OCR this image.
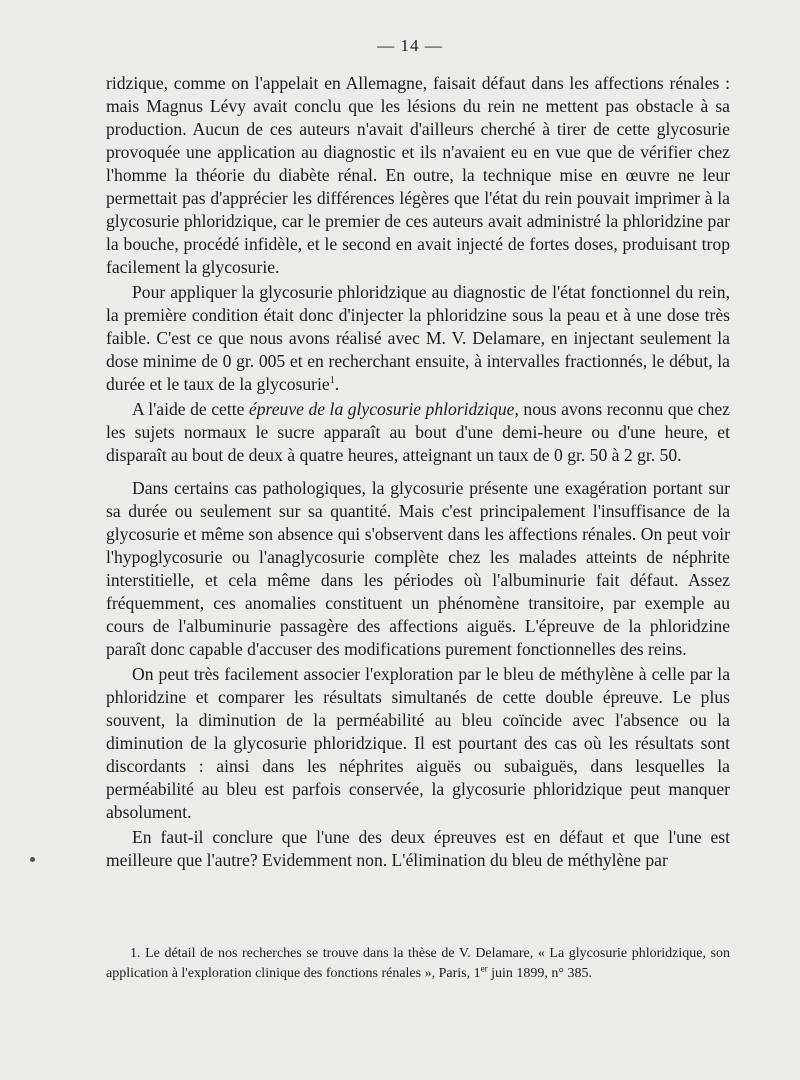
— 14 —

ridzique, comme on l'appelait en Allemagne, faisait défaut dans les affections rénales : mais Magnus Lévy avait conclu que les lésions du rein ne mettent pas obstacle à sa production. Aucun de ces auteurs n'avait d'ailleurs cherché à tirer de cette glycosurie provoquée une application au diagnostic et ils n'avaient eu en vue que de vérifier chez l'homme la théorie du diabète rénal. En outre, la technique mise en œuvre ne leur permettait pas d'apprécier les différences légères que l'état du rein pouvait imprimer à la glycosurie phloridzique, car le premier de ces auteurs avait administré la phloridzine par la bouche, procédé infidèle, et le second en avait injecté de fortes doses, produisant trop facilement la glycosurie.

Pour appliquer la glycosurie phloridzique au diagnostic de l'état fonctionnel du rein, la première condition était donc d'injecter la phloridzine sous la peau et à une dose très faible. C'est ce que nous avons réalisé avec M. V. Delamare, en injectant seulement la dose minime de 0 gr. 005 et en recherchant ensuite, à intervalles fractionnés, le début, la durée et le taux de la glycosurie$^1$.

A l'aide de cette épreuve de la glycosurie phloridzique, nous avons reconnu que chez les sujets normaux le sucre apparaît au bout d'une demi-heure ou d'une heure, et disparaît au bout de deux à quatre heures, atteignant un taux de 0 gr. 50 à 2 gr. 50.

Dans certains cas pathologiques, la glycosurie présente une exagération portant sur sa durée ou seulement sur sa quantité. Mais c'est principalement l'insuffisance de la glycosurie et même son absence qui s'observent dans les affections rénales. On peut voir l'hypoglycosurie ou l'anaglycosurie complète chez les malades atteints de néphrite interstitielle, et cela même dans les périodes où l'albuminurie fait défaut. Assez fréquemment, ces anomalies constituent un phénomène transitoire, par exemple au cours de l'albuminurie passagère des affections aiguës. L'épreuve de la phloridzine paraît donc capable d'accuser des modifications purement fonctionnelles des reins.

On peut très facilement associer l'exploration par le bleu de méthylène à celle par la phloridzine et comparer les résultats simultanés de cette double épreuve. Le plus souvent, la diminution de la perméabilité au bleu coïncide avec l'absence ou la diminution de la glycosurie phloridzique. Il est pourtant des cas où les résultats sont discordants : ainsi dans les néphrites aiguës ou subaiguës, dans lesquelles la perméabilité au bleu est parfois conservée, la glycosurie phloridzique peut manquer absolument.

En faut-il conclure que l'une des deux épreuves est en défaut et que l'une est meilleure que l'autre? Evidemment non. L'élimination du bleu de méthylène par

1. Le détail de nos recherches se trouve dans la thèse de V. Delamare, « La glycosurie phloridzique, son application à l'exploration clinique des fonctions rénales », Paris, 1er juin 1899, n° 385.
